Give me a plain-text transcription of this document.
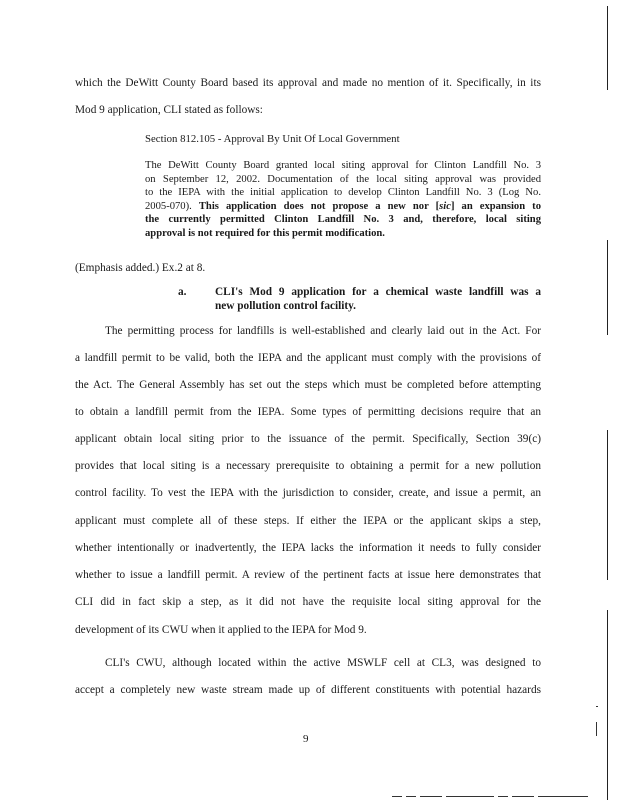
which the DeWitt County Board based its approval and made no mention of it. Specifically, in its
Mod 9 application, CLI stated as follows:
Section 812.105 - Approval By Unit Of Local Government
The DeWitt County Board granted local siting approval for Clinton Landfill No. 3
on September 12, 2002. Documentation of the local siting approval was provided
to the IEPA with the initial application to develop Clinton Landfill No. 3 (Log No.
2005-070). This application does not propose a new nor [sic] an expansion to
the currently permitted Clinton Landfill No. 3 and, therefore, local siting
approval is not required for this permit modification.
(Emphasis added.) Ex.2 at 8.
a.	CLI's Mod 9 application for a chemical waste landfill was a
new pollution control facility.
The permitting process for landfills is well-established and clearly laid out in the Act. For
a landfill permit to be valid, both the IEPA and the applicant must comply with the provisions of
the Act. The General Assembly has set out the steps which must be completed before attempting
to obtain a landfill permit from the IEPA. Some types of permitting decisions require that an
applicant obtain local siting prior to the issuance of the permit. Specifically, Section 39(c)
provides that local siting is a necessary prerequisite to obtaining a permit for a new pollution
control facility. To vest the IEPA with the jurisdiction to consider, create, and issue a permit, an
applicant must complete all of these steps. If either the IEPA or the applicant skips a step,
whether intentionally or inadvertently, the IEPA lacks the information it needs to fully consider
whether to issue a landfill permit. A review of the pertinent facts at issue here demonstrates that
CLI did in fact skip a step, as it did not have the requisite local siting approval for the
development of its CWU when it applied to the IEPA for Mod 9.
CLI's CWU, although located within the active MSWLF cell at CL3, was designed to
accept a completely new waste stream made up of different constituents with potential hazards
9
